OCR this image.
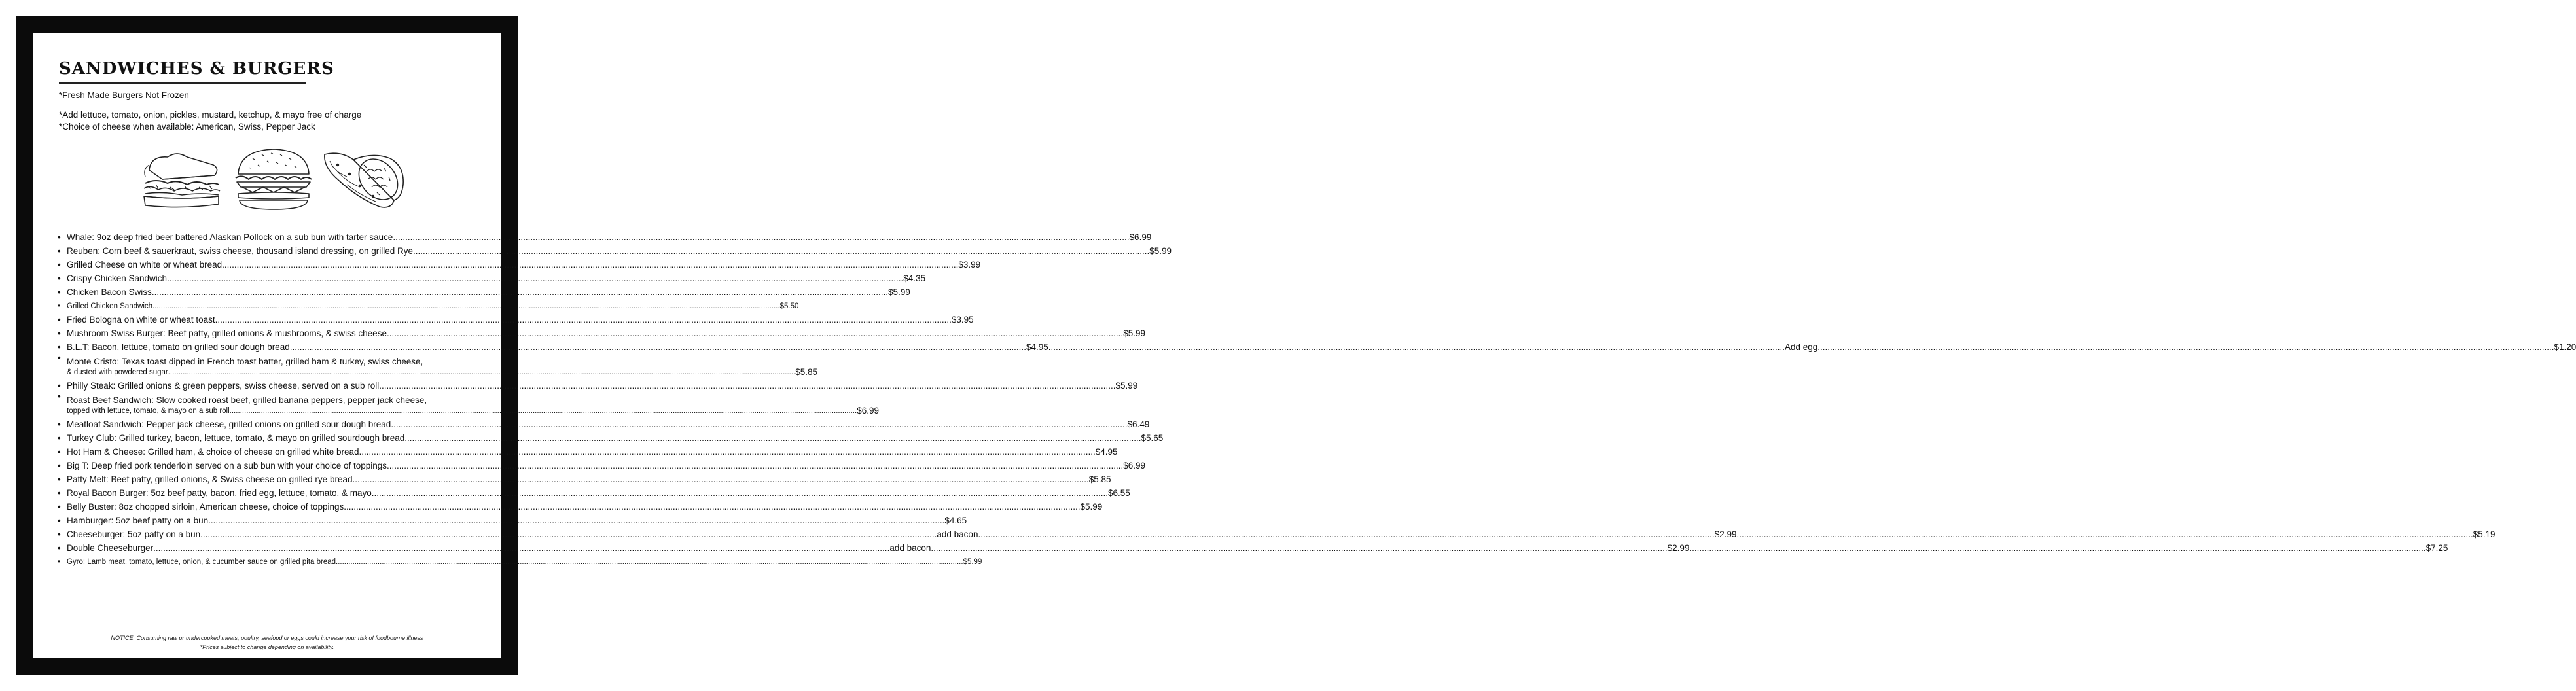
SANDWICHES & BURGERS
*Fresh Made Burgers Not Frozen
*Add lettuce, tomato, onion, pickles, mustard, ketchup, & mayo free of charge
*Choice of cheese when available: American, Swiss, Pepper Jack
• Whale: 9oz deep fried beer battered Alaskan Pollock on a sub bun with tarter sauce .....	$6.99
• Reuben: Corn beef & sauerkraut, swiss cheese, thousand island dressing, on grilled Rye .....	$5.99
• Grilled Cheese on white or wheat bread .....	$3.99
• Crispy Chicken Sandwich .....	$4.35
• Chicken Bacon Swiss .....	$5.99
• Grilled Chicken Sandwich .....	$5.50
• Fried Bologna on white or wheat toast .....	$3.95
• Mushroom Swiss Burger: Beef patty, grilled onions & mushrooms, & swiss cheese .....	$5.99
• B.L.T: Bacon, lettuce, tomato on grilled sour dough bread .....	$4.95 .....	Add egg .....	$1.20
• Monte Cristo: Texas toast dipped in French toast batter, grilled ham & turkey, swiss cheese,
& dusted with powdered sugar .....	$5.85
• Philly Steak: Grilled onions & green peppers, swiss cheese, served on a sub roll .....	$5.99
• Roast Beef Sandwich: Slow cooked roast beef, grilled banana peppers, pepper jack cheese,
topped with lettuce, tomato, & mayo on a sub roll .....	$6.99
• Meatloaf Sandwich: Pepper jack cheese, grilled onions on grilled sour dough bread .....	$6.49
• Turkey Club: Grilled turkey, bacon, lettuce, tomato, & mayo on grilled sourdough bread .....	$5.65
• Hot Ham & Cheese: Grilled ham, & choice of cheese on grilled white bread .....	$4.95
• Big T: Deep fried pork tenderloin served on a sub bun with your choice of toppings .....	$6.99
• Patty Melt: Beef patty, grilled onions, & Swiss cheese on grilled rye bread .....	$5.85
• Royal Bacon Burger: 5oz beef patty, bacon, fried egg, lettuce, tomato, & mayo .....	$6.55
• Belly Buster: 8oz chopped sirloin, American cheese, choice of toppings .....	$5.99
• Hamburger: 5oz beef patty on a bun .....	$4.65
• Cheeseburger: 5oz patty on a bun .....	add bacon .....	$2.99 .....	$5.19
• Double Cheeseburger .....	add bacon .....	$2.99 .....	$7.25
• Gyro: Lamb meat, tomato, lettuce, onion, & cucumber sauce on grilled pita bread .....	$5.99
NOTICE: Consuming raw or undercooked meats, poultry, seafood or eggs could increase your risk of foodbourne illness
*Prices subject to change depending on availability.
